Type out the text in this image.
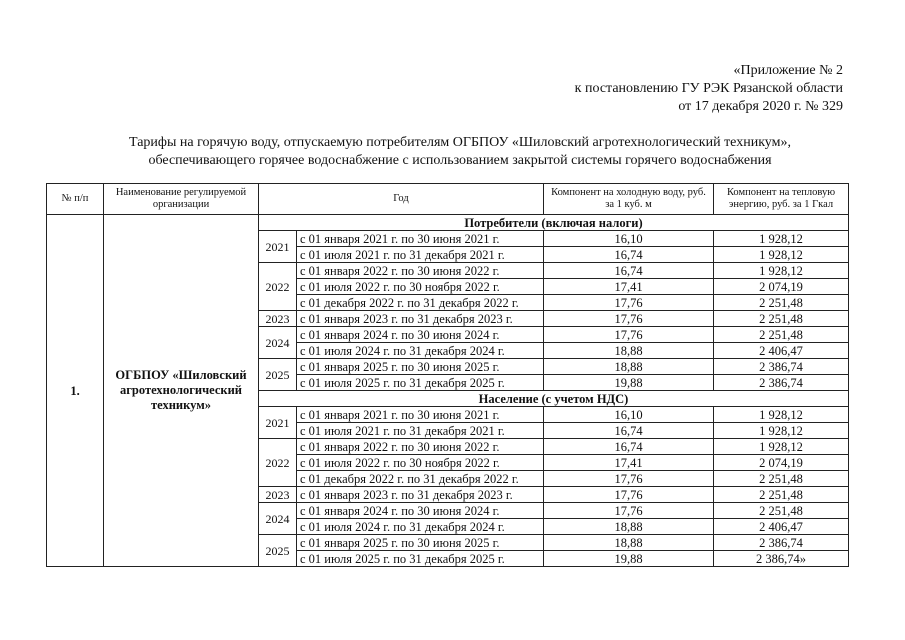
«Приложение № 2
к постановлению ГУ РЭК Рязанской области
от 17 декабря 2020 г. № 329
Тарифы на горячую воду, отпускаемую потребителям ОГБПОУ «Шиловский агротехнологический техникум»,
обеспечивающего горячее водоснабжение с использованием закрытой системы горячего водоснабжения
№ п/п	Наименование регулируемой организации	Год		Компонент на холодную воду, руб. за 1 куб. м	Компонент на тепловую энергию, руб. за 1 Гкал
1.	ОГБПОУ «Шиловский агротехнологический техникум»	Потребители (включая налоги)			
		2021	с 01 января 2021 г. по 30 июня 2021 г.	16,10	1 928,12
			с 01 июля 2021 г. по 31 декабря 2021 г.	16,74	1 928,12
		2022	с 01 января 2022 г. по 30 июня 2022 г.	16,74	1 928,12
			с 01 июля 2022 г. по 30 ноября 2022 г.	17,41	2 074,19
			с 01 декабря 2022 г. по 31 декабря 2022 г.	17,76	2 251,48
		2023	с 01 января 2023 г. по 31 декабря 2023 г.	17,76	2 251,48
		2024	с 01 января 2024 г. по 30 июня 2024 г.	17,76	2 251,48
			с 01 июля 2024 г. по 31 декабря 2024 г.	18,88	2 406,47
		2025	с 01 января 2025 г. по 30 июня 2025 г.	18,88	2 386,74
			с 01 июля 2025 г. по 31 декабря 2025 г.	19,88	2 386,74
		Население (с учетом НДС)			
		2021	с 01 января 2021 г. по 30 июня 2021 г.	16,10	1 928,12
			с 01 июля 2021 г. по 31 декабря 2021 г.	16,74	1 928,12
		2022	с 01 января 2022 г. по 30 июня 2022 г.	16,74	1 928,12
			с 01 июля 2022 г. по 30 ноября 2022 г.	17,41	2 074,19
			с 01 декабря 2022 г. по 31 декабря 2022 г.	17,76	2 251,48
		2023	с 01 января 2023 г. по 31 декабря 2023 г.	17,76	2 251,48
		2024	с 01 января 2024 г. по 30 июня 2024 г.	17,76	2 251,48
			с 01 июля 2024 г. по 31 декабря 2024 г.	18,88	2 406,47
		2025	с 01 января 2025 г. по 30 июня 2025 г.	18,88	2 386,74
			с 01 июля 2025 г. по 31 декабря 2025 г.	19,88	2 386,74»
